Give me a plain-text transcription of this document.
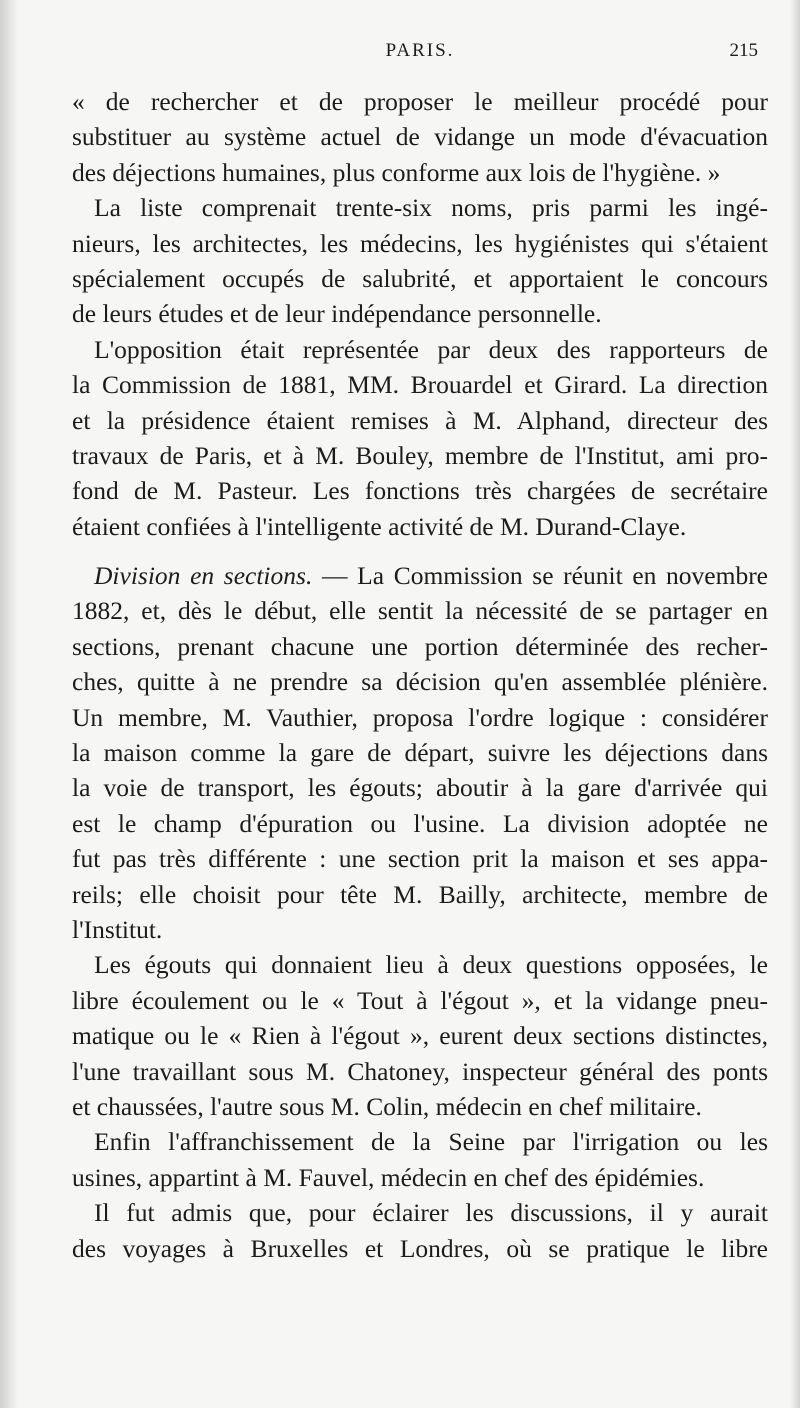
PARIS.	215
« de rechercher et de proposer le meilleur procédé pour
substituer au système actuel de vidange un mode d'évacuation
des déjections humaines, plus conforme aux lois de l'hygiène. »
La liste comprenait trente-six noms, pris parmi les ingé-
nieurs, les architectes, les médecins, les hygiénistes qui s'étaient
spécialement occupés de salubrité, et apportaient le concours
de leurs études et de leur indépendance personnelle.
L'opposition était représentée par deux des rapporteurs de
la Commission de 1881, MM. Brouardel et Girard. La direction
et la présidence étaient remises à M. Alphand, directeur des
travaux de Paris, et à M. Bouley, membre de l'Institut, ami pro-
fond de M. Pasteur. Les fonctions très chargées de secrétaire
étaient confiées à l'intelligente activité de M. Durand-Claye.
Division en sections. — La Commission se réunit en novembre
1882, et, dès le début, elle sentit la nécessité de se partager en
sections, prenant chacune une portion déterminée des recher-
ches, quitte à ne prendre sa décision qu'en assemblée plénière.
Un membre, M. Vauthier, proposa l'ordre logique : considérer
la maison comme la gare de départ, suivre les déjections dans
la voie de transport, les égouts; aboutir à la gare d'arrivée qui
est le champ d'épuration ou l'usine. La division adoptée ne
fut pas très différente : une section prit la maison et ses appa-
reils; elle choisit pour tête M. Bailly, architecte, membre de
l'Institut.
Les égouts qui donnaient lieu à deux questions opposées, le
libre écoulement ou le « Tout à l'égout », et la vidange pneu-
matique ou le « Rien à l'égout », eurent deux sections distinctes,
l'une travaillant sous M. Chatoney, inspecteur général des ponts
et chaussées, l'autre sous M. Colin, médecin en chef militaire.
Enfin l'affranchissement de la Seine par l'irrigation ou les
usines, appartint à M. Fauvel, médecin en chef des épidémies.
Il fut admis que, pour éclairer les discussions, il y aurait
des voyages à Bruxelles et Londres, où se pratique le libre
